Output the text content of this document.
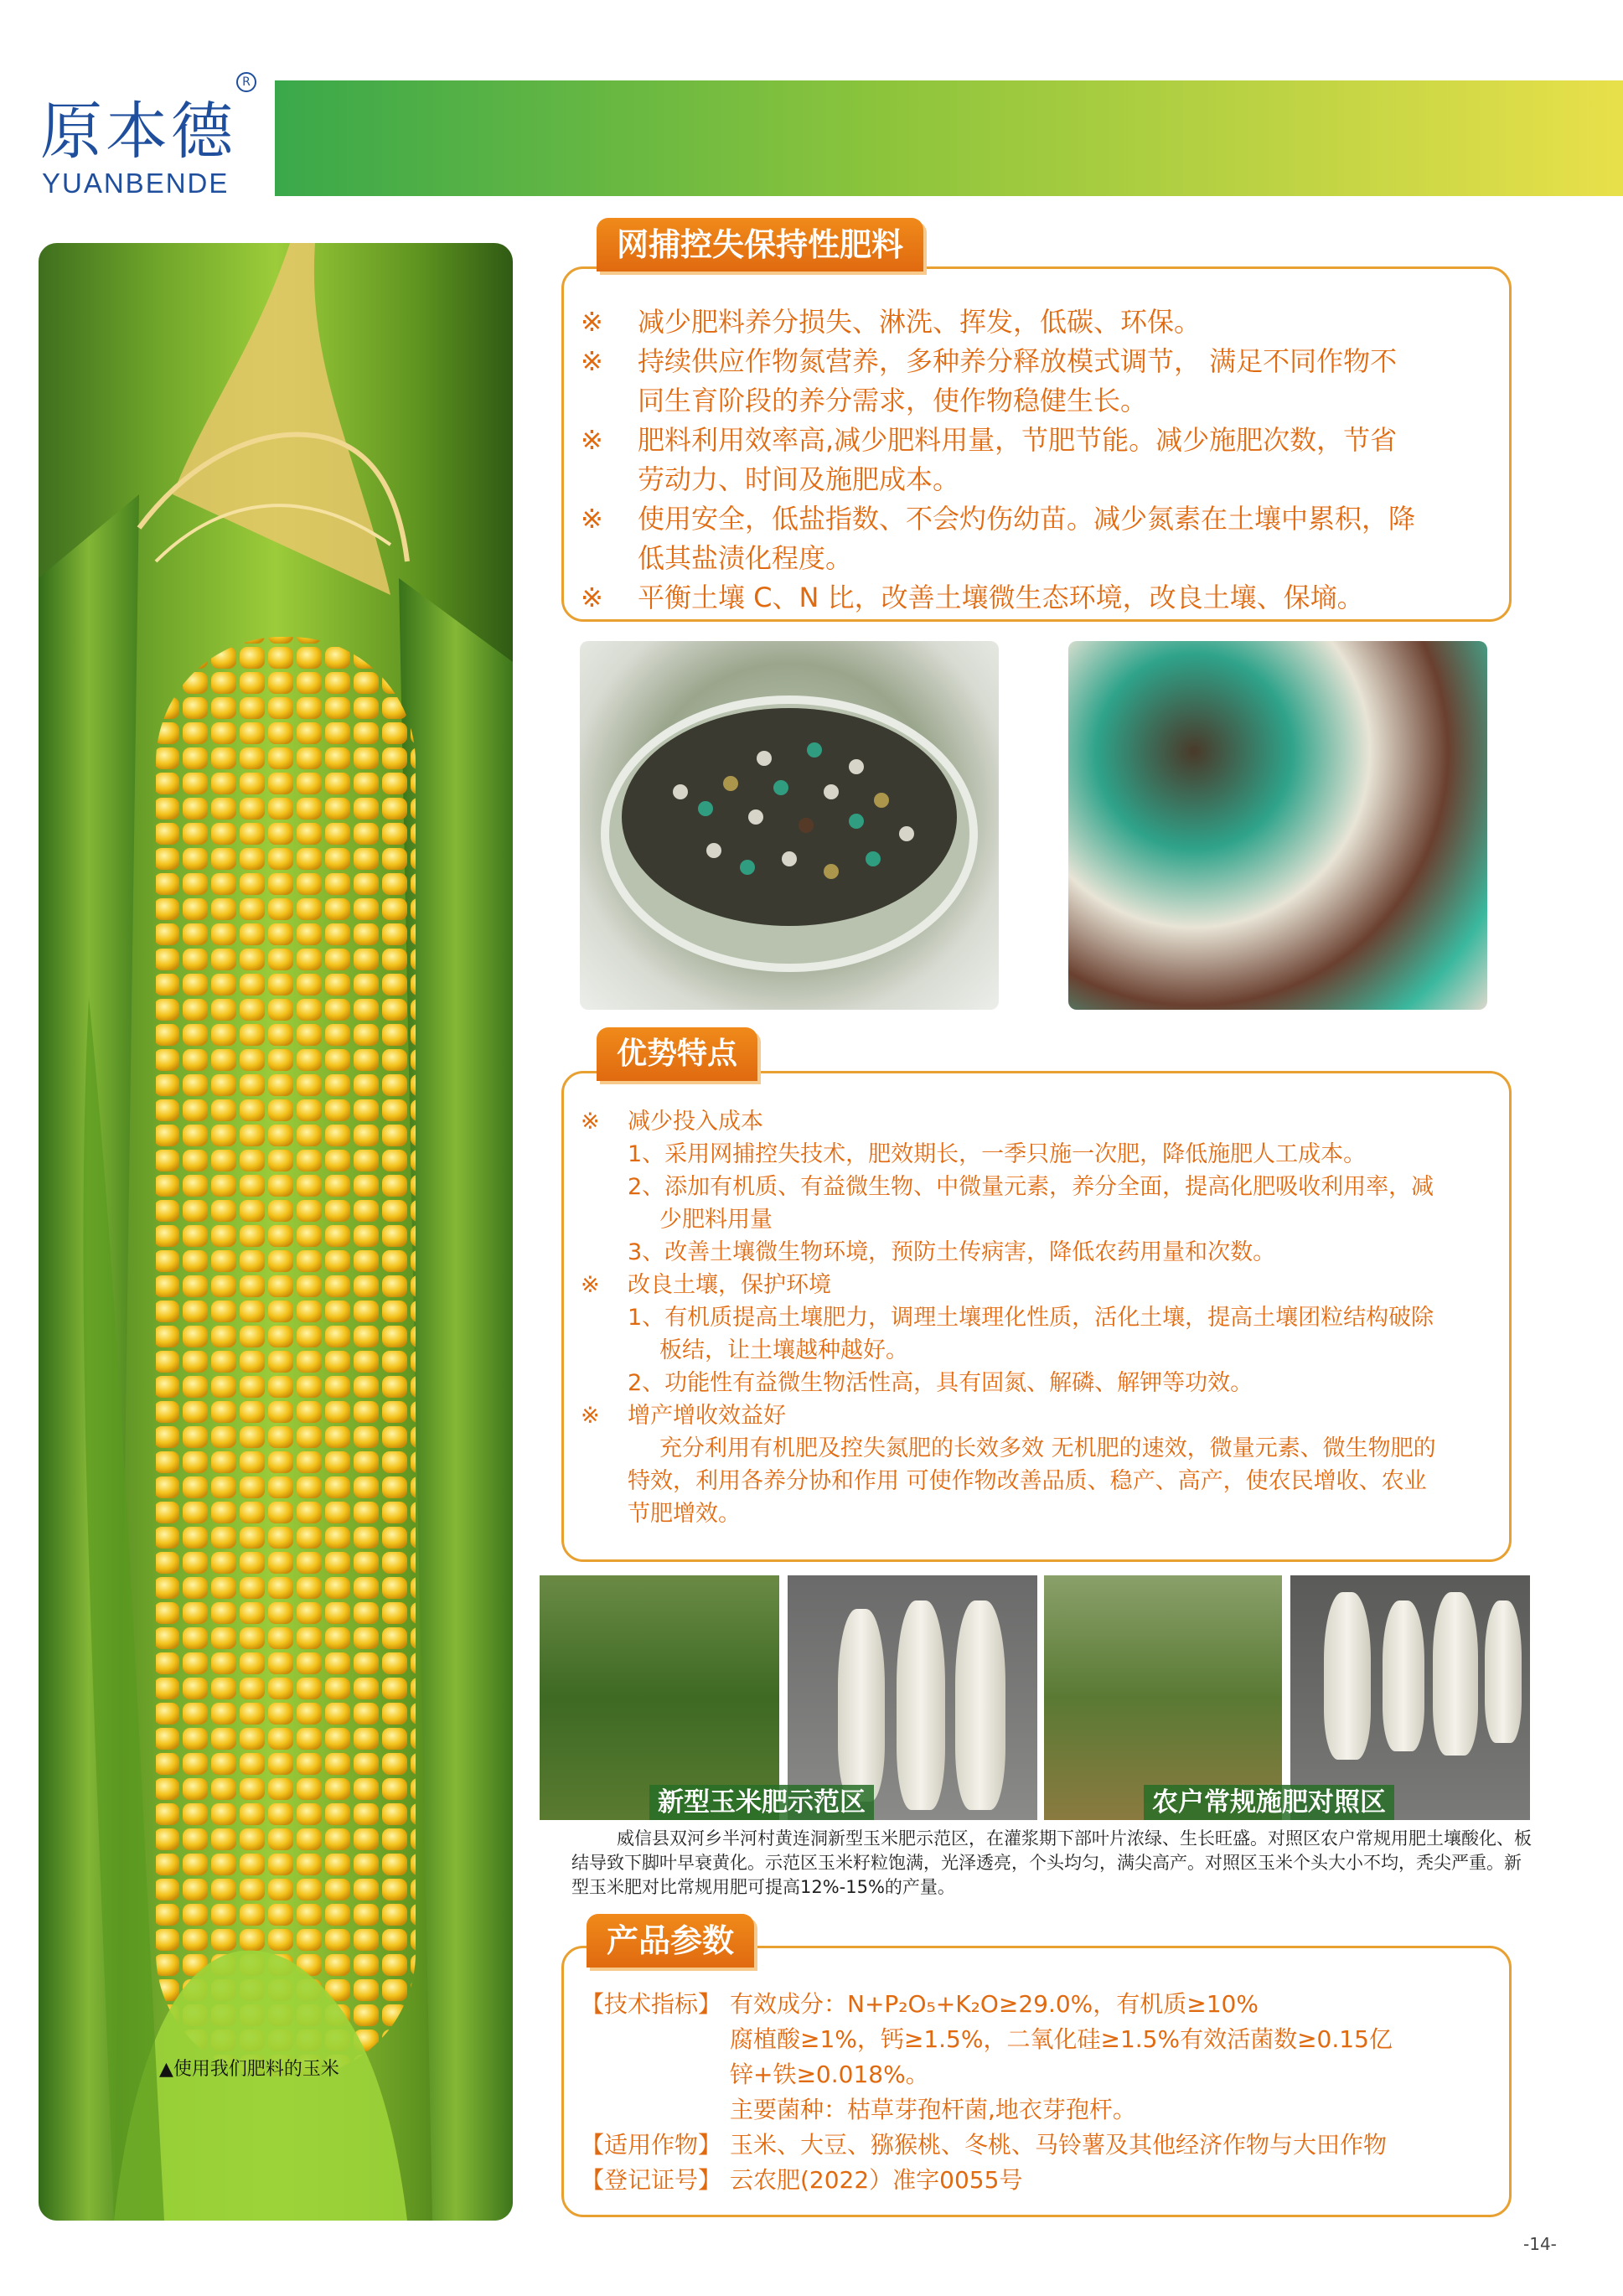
原本德
R
YUANBENDE
▲使用我们肥料的玉米
※	减少肥料养分损失、淋洗、挥发，低碳、环保。
※	持续供应作物氮营养，多种养分释放模式调节， 满足不同作物不
同生育阶段的养分需求，使作物稳健生长。
※	肥料利用效率高,减少肥料用量，节肥节能。减少施肥次数，节省
劳动力、时间及施肥成本。
※	使用安全，低盐指数、不会灼伤幼苗。减少氮素在土壤中累积，降
低其盐渍化程度。
※	平衡土壤 C、N 比，改善土壤微生态环境，改良土壤、保墒。
网捕控失保持性肥料
※	减少投入成本
1、采用网捕控失技术，肥效期长，一季只施一次肥，降低施肥人工成本。
2、添加有机质、有益微生物、中微量元素，养分全面，提高化肥吸收利用率，减
少肥料用量
3、改善土壤微生物环境，预防土传病害，降低农药用量和次数。
※	改良土壤，保护环境
1、有机质提高土壤肥力，调理土壤理化性质，活化土壤，提高土壤团粒结构破除
板结，让土壤越种越好。
2、功能性有益微生物活性高，具有固氮、解磷、解钾等功效。
※	增产增收效益好
充分利用有机肥及控失氮肥的长效多效 无机肥的速效，微量元素、微生物肥的
特效，利用各养分协和作用 可使作物改善品质、稳产、高产，使农民增收、农业
节肥增效。
优势特点
新型玉米肥示范区	农户常规施肥对照区
威信县双河乡半河村黄连洞新型玉米肥示范区，在灌浆期下部叶片浓绿、生长旺盛。对照区农户常规用肥土壤酸化、板结导致下脚叶早衰黄化。示范区玉米籽粒饱满，光泽透亮，个头均匀，满尖高产。对照区玉米个头大小不均，秃尖严重。新型玉米肥对比常规用肥可提高12%-15%的产量。
【技术指标】 有效成分：N+P₂O₅+K₂O≥29.0%，有机质≥10%
腐植酸≥1%，钙≥1.5%，二氧化硅≥1.5%有效活菌数≥0.15亿
锌+铁≥0.018%。
主要菌种：枯草芽孢杆菌,地衣芽孢杆。
【适用作物】 玉米、大豆、猕猴桃、冬桃、马铃薯及其他经济作物与大田作物
【登记证号】 云农肥(2022）准字0055号
产品参数
-14-
